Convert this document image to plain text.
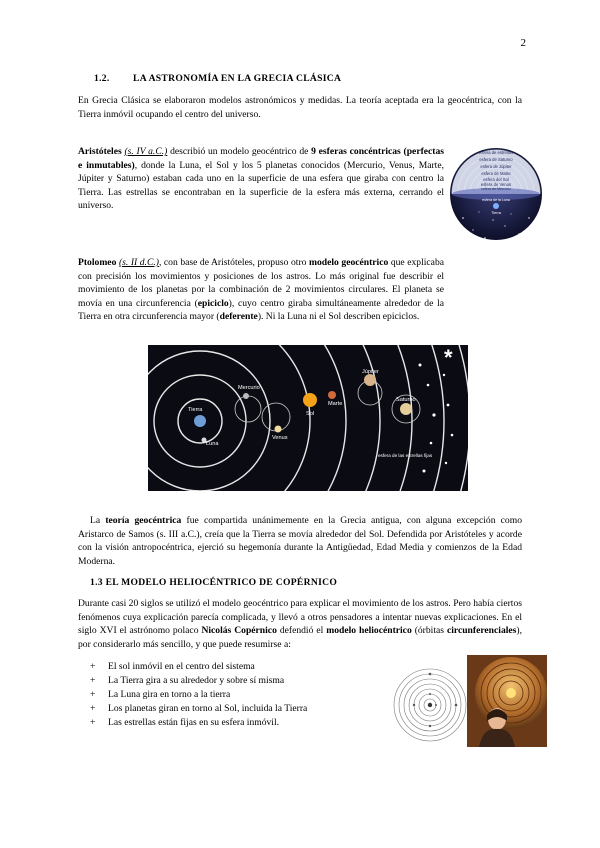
2
1.2. LA ASTRONOMÍA EN LA GRECIA CLÁSICA

En Grecia Clásica se elaboraron modelos astronómicos y medidas. La teoría aceptada era la geocéntrica, con la Tierra inmóvil ocupando el centro del universo.

Aristóteles (s. IV a.C.) describió un modelo geocéntrico de 9 esferas concéntricas (perfectas e inmutables), donde la Luna, el Sol y los 5 planetas conocidos (Mercurio, Venus, Marte, Júpiter y Saturno) estaban cada uno en la superficie de una esfera que giraba con centro la Tierra. Las estrellas se encontraban en la superficie de la esfera más externa, cerrando el universo.

esfera de estrellas
esfera de Saturno
esfera de Júpiter
esfera de Marte
esfera del Sol
esfera de Venus
esfera de Mercurio
esfera de la Luna
Tierra

Ptolomeo (s. II d.C.), con base de Aristóteles, propuso otro modelo geocéntrico que explicaba con precisión los movimientos y posiciones de los astros. Lo más original fue describir el movimiento de los planetas por la combinación de 2 movimientos circulares. El planeta se movía en una circunferencia (epiciclo), cuyo centro giraba simultáneamente alrededor de la Tierra en otra circunferencia mayor (deferente). Ni la Luna ni el Sol describen epiciclos.

*
Tierra
Luna
Mercurio
Venus
Sol
Marte
Júpiter
Saturno
esfera de las estrellas fijas

La teoría geocéntrica fue compartida unánimemente en la Grecia antigua, con alguna excepción como Aristarco de Samos (s. III a.C.), creía que la Tierra se movía alrededor del Sol. Defendida por Aristóteles y acorde con la visión antropocéntrica, ejerció su hegemonía durante la Antigüedad, Edad Media y comienzos de la Edad Moderna.

1.3 EL MODELO HELIOCÉNTRICO DE COPÉRNICO

Durante casi 20 siglos se utilizó el modelo geocéntrico para explicar el movimiento de los astros. Pero había ciertos fenómenos cuya explicación parecía complicada, y llevó a otros pensadores a intentar nuevas explicaciones. En el siglo XVI el astrónomo polaco Nicolás Copérnico defendió el modelo heliocéntrico (órbitas circunferenciales), por considerarlo más sencillo, y que puede resumirse a:

+ El sol inmóvil en el centro del sistema
+ La Tierra gira a su alrededor y sobre sí misma
+ La Luna gira en torno a la tierra
+ Los planetas giran en torno al Sol, incluida la Tierra
+ Las estrellas están fijas en su esfera inmóvil.
